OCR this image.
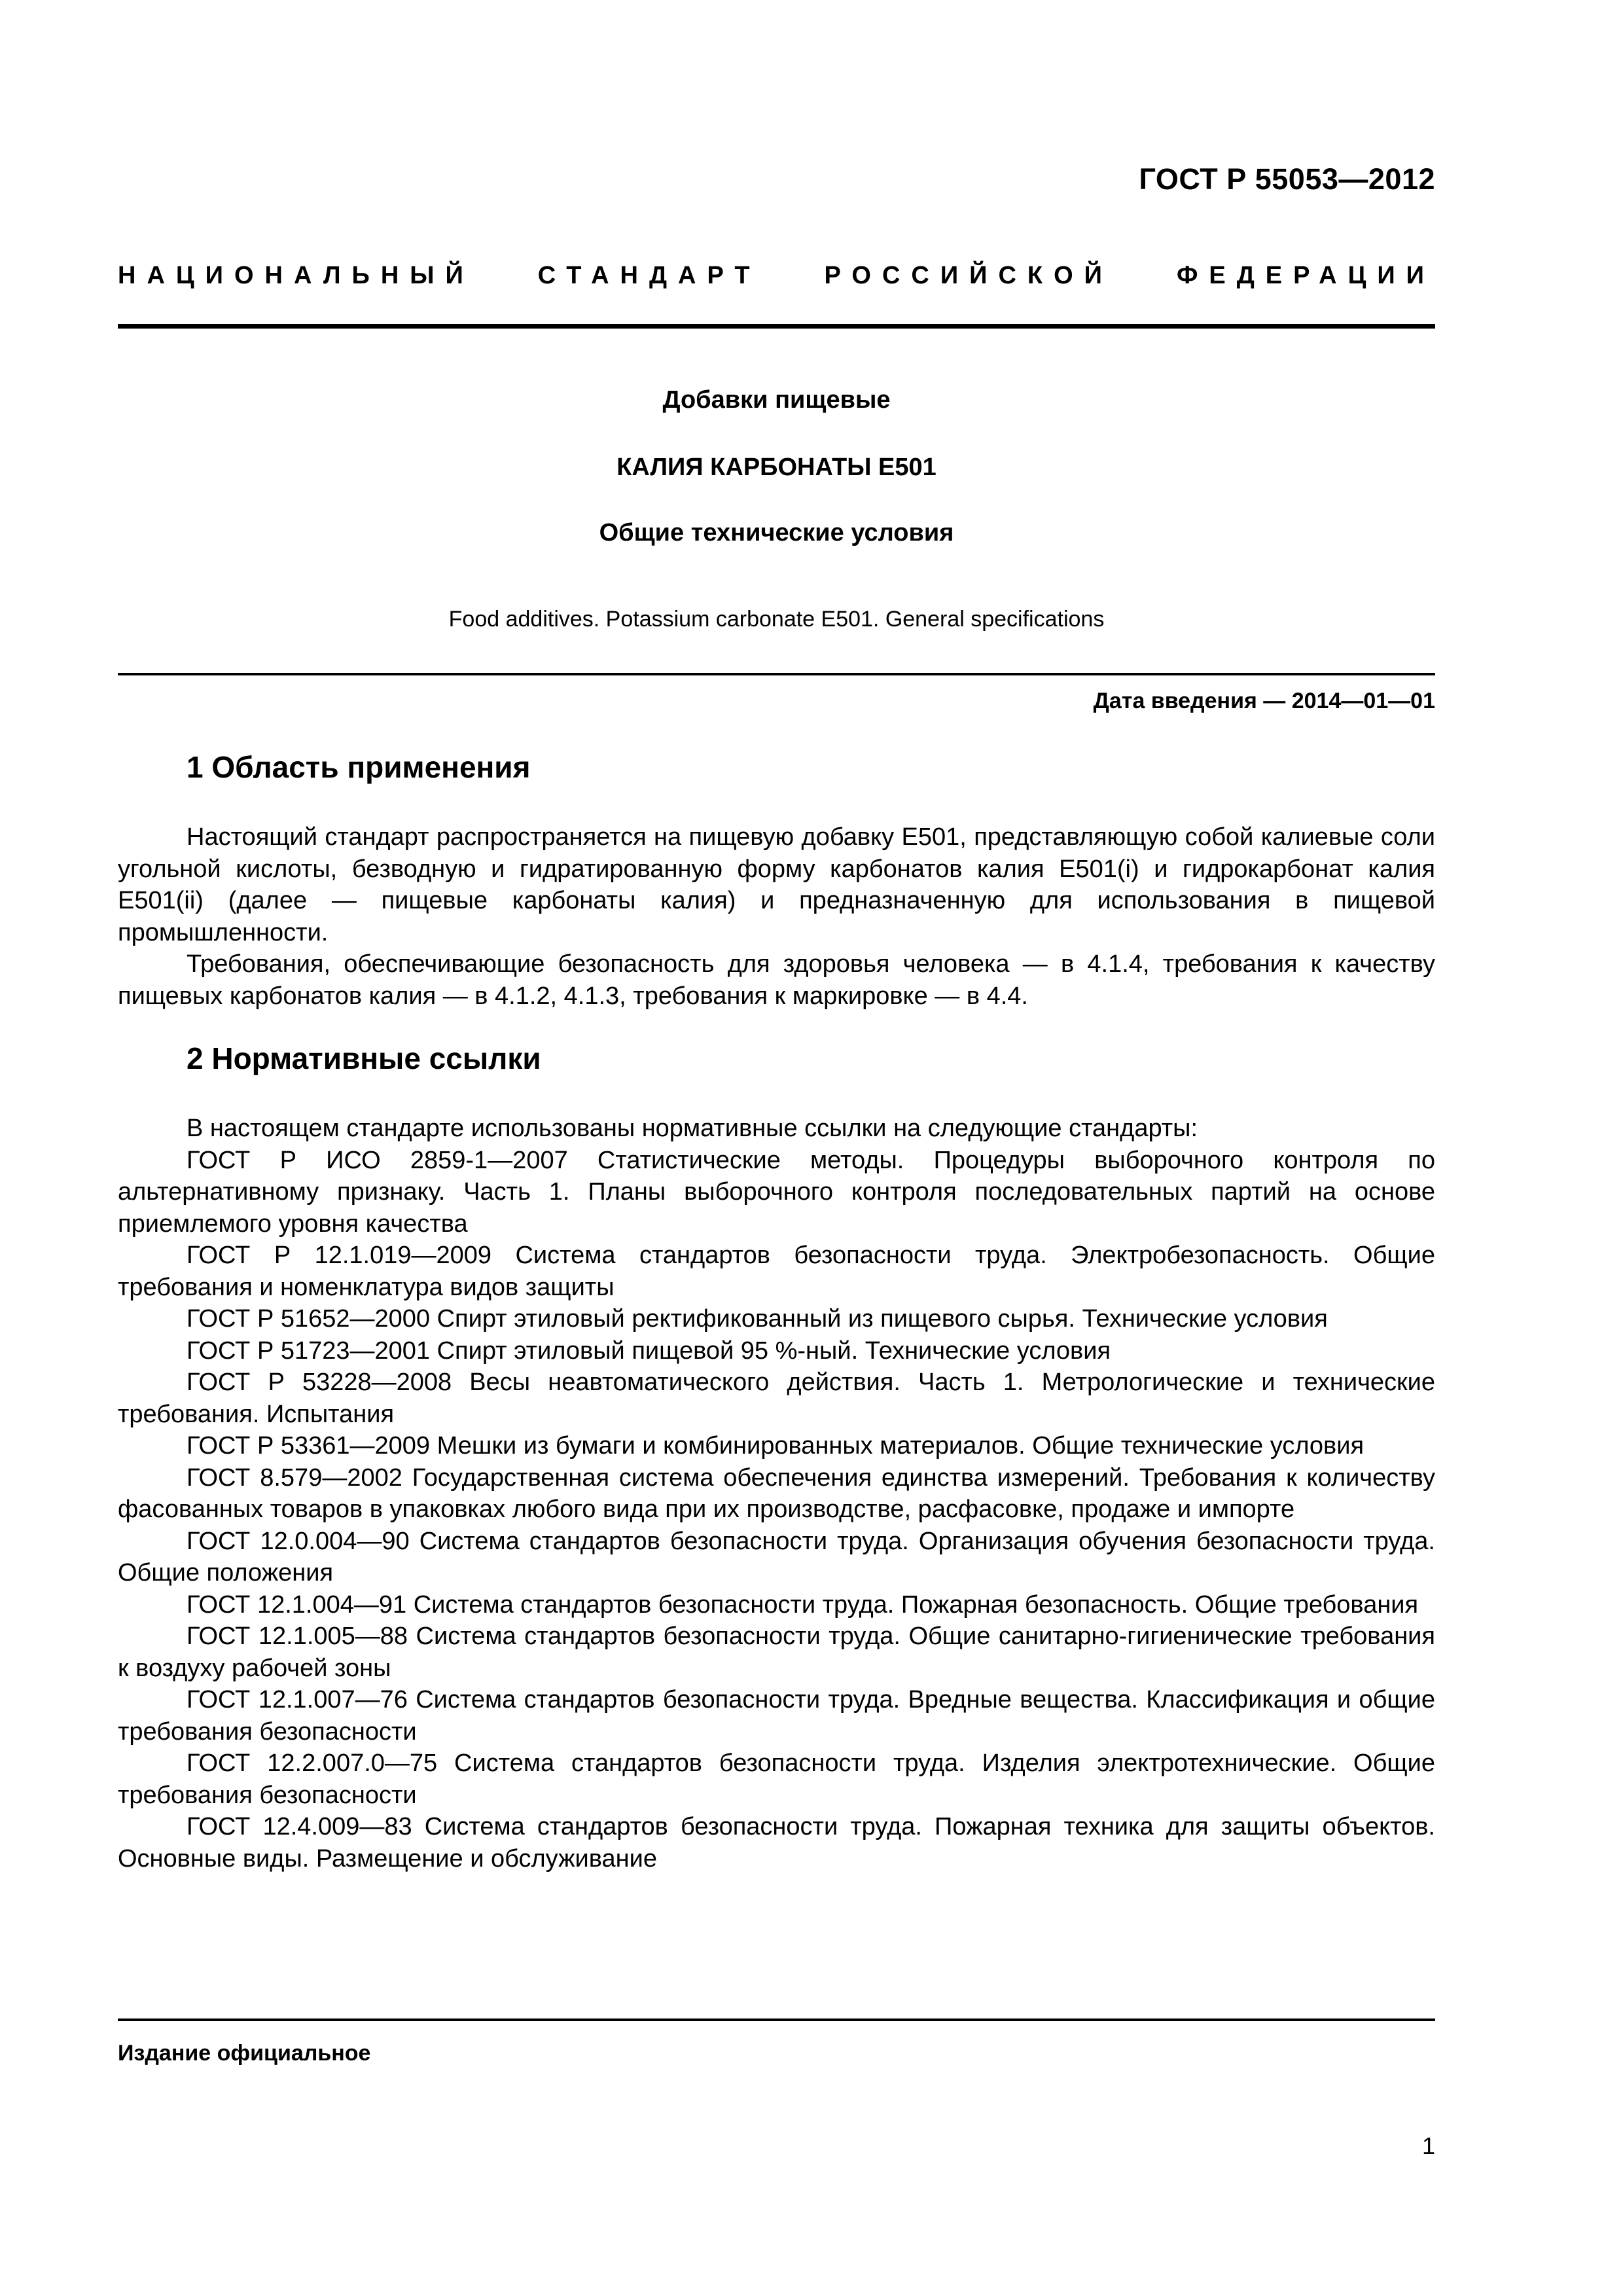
ГОСТ Р 55053—2012
НАЦИОНАЛЬНЫЙ	СТАНДАРТ	РОССИЙСКОЙ	ФЕДЕРАЦИИ

Добавки пищевые

КАЛИЯ КАРБОНАТЫ Е501

Общие технические условия

Food additives. Potassium carbonate E501. General specifications

Дата введения — 2014—01—01
1 Область применения

Настоящий стандарт распространяется на пищевую добавку Е501, представляющую собой калиевые соли угольной кислоты, безводную и гидратированную форму карбонатов калия Е501(i) и гидрокарбонат калия Е501(ii) (далее — пищевые карбонаты калия) и предназначенную для использования в пищевой промышленности.

Требования, обеспечивающие безопасность для здоровья человека — в 4.1.4, требования к качеству пищевых карбонатов калия — в 4.1.2, 4.1.3, требования к маркировке — в 4.4.

2 Нормативные ссылки

В настоящем стандарте использованы нормативные ссылки на следующие стандарты:

ГОСТ Р ИСО 2859-1—2007 Статистические методы. Процедуры выборочного контроля по альтернативному признаку. Часть 1. Планы выборочного контроля последовательных партий на основе приемлемого уровня качества

ГОСТ Р 12.1.019—2009 Система стандартов безопасности труда. Электробезопасность. Общие требования и номенклатура видов защиты

ГОСТ Р 51652—2000 Спирт этиловый ректификованный из пищевого сырья. Технические условия

ГОСТ Р 51723—2001 Спирт этиловый пищевой 95 %-ный. Технические условия

ГОСТ Р 53228—2008 Весы неавтоматического действия. Часть 1. Метрологические и технические требования. Испытания

ГОСТ Р 53361—2009 Мешки из бумаги и комбинированных материалов. Общие технические условия

ГОСТ 8.579—2002 Государственная система обеспечения единства измерений. Требования к количеству фасованных товаров в упаковках любого вида при их производстве, расфасовке, продаже и импорте

ГОСТ 12.0.004—90 Система стандартов безопасности труда. Организация обучения безопасности труда. Общие положения

ГОСТ 12.1.004—91 Система стандартов безопасности труда. Пожарная безопасность. Общие требования

ГОСТ 12.1.005—88 Система стандартов безопасности труда. Общие санитарно-гигиенические требования к воздуху рабочей зоны

ГОСТ 12.1.007—76 Система стандартов безопасности труда. Вредные вещества. Классификация и общие требования безопасности

ГОСТ 12.2.007.0—75 Система стандартов безопасности труда. Изделия электротехнические. Общие требования безопасности

ГОСТ 12.4.009—83 Система стандартов безопасности труда. Пожарная техника для защиты объектов. Основные виды. Размещение и обслуживание

Издание официальное
1
